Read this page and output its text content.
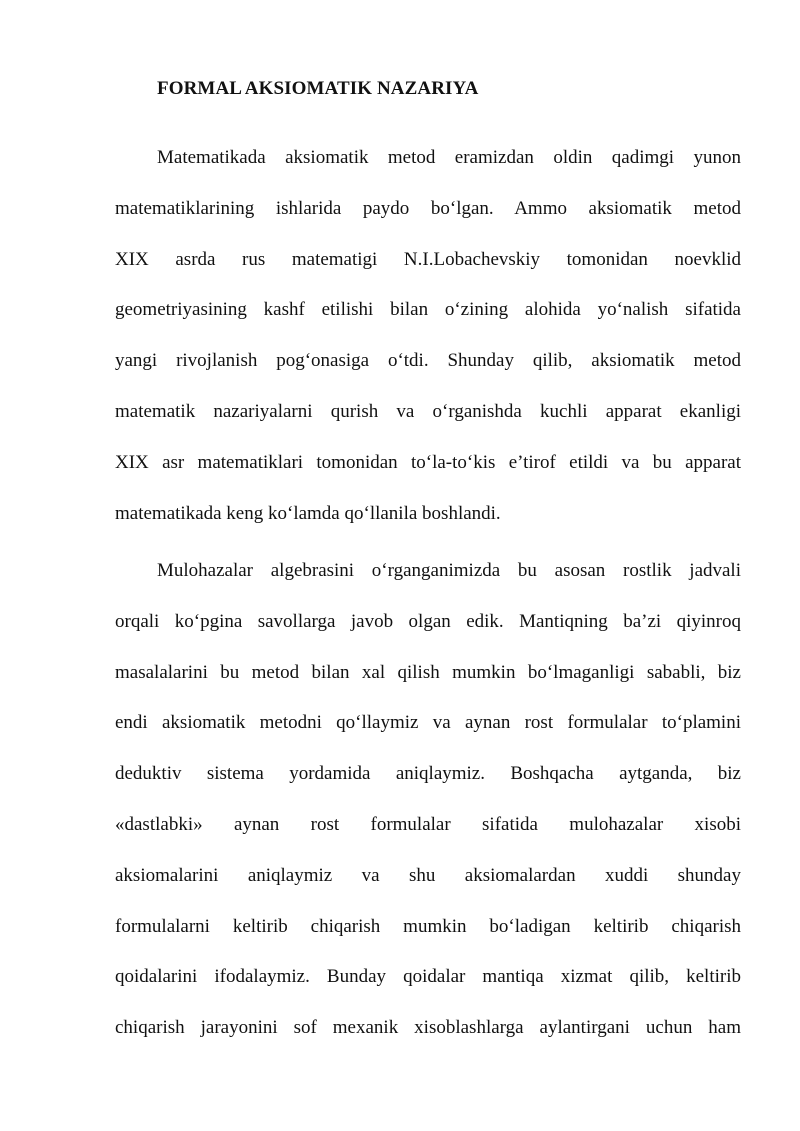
FORMAL AKSIOMATIK NAZARIYA
Matematikada aksiomatik metod eramizdan oldin qadimgi yunon
matematiklarining ishlarida paydo bo‘lgan. Ammo aksiomatik metod
XIX asrda rus matematigi N.I.Lobachevskiy tomonidan noevklid
geometriyasining kashf etilishi bilan o‘zining alohida yo‘nalish sifatida
yangi rivojlanish pog‘onasiga o‘tdi. Shunday qilib, aksiomatik metod
matematik nazariyalarni qurish va o‘rganishda kuchli apparat ekanligi
XIX asr matematiklari tomonidan to‘la-to‘kis e’tirof etildi va bu apparat
matematikada keng ko‘lamda qo‘llanila boshlandi.
Mulohazalar algebrasini o‘rganganimizda bu asosan rostlik jadvali
orqali ko‘pgina savollarga javob olgan edik. Mantiqning ba’zi qiyinroq
masalalarini bu metod bilan xal qilish mumkin bo‘lmaganligi sababli, biz
endi aksiomatik metodni qo‘llaymiz va aynan rost formulalar to‘plamini
deduktiv sistema yordamida aniqlaymiz. Boshqacha aytganda, biz
«dastlabki» aynan rost formulalar sifatida mulohazalar xisobi
aksiomalarini aniqlaymiz va shu aksiomalardan xuddi shunday
formulalarni keltirib chiqarish mumkin bo‘ladigan keltirib chiqarish
qoidalarini ifodalaymiz. Bunday qoidalar mantiqa xizmat qilib, keltirib
chiqarish jarayonini sof mexanik xisoblashlarga aylantirgani uchun ham
